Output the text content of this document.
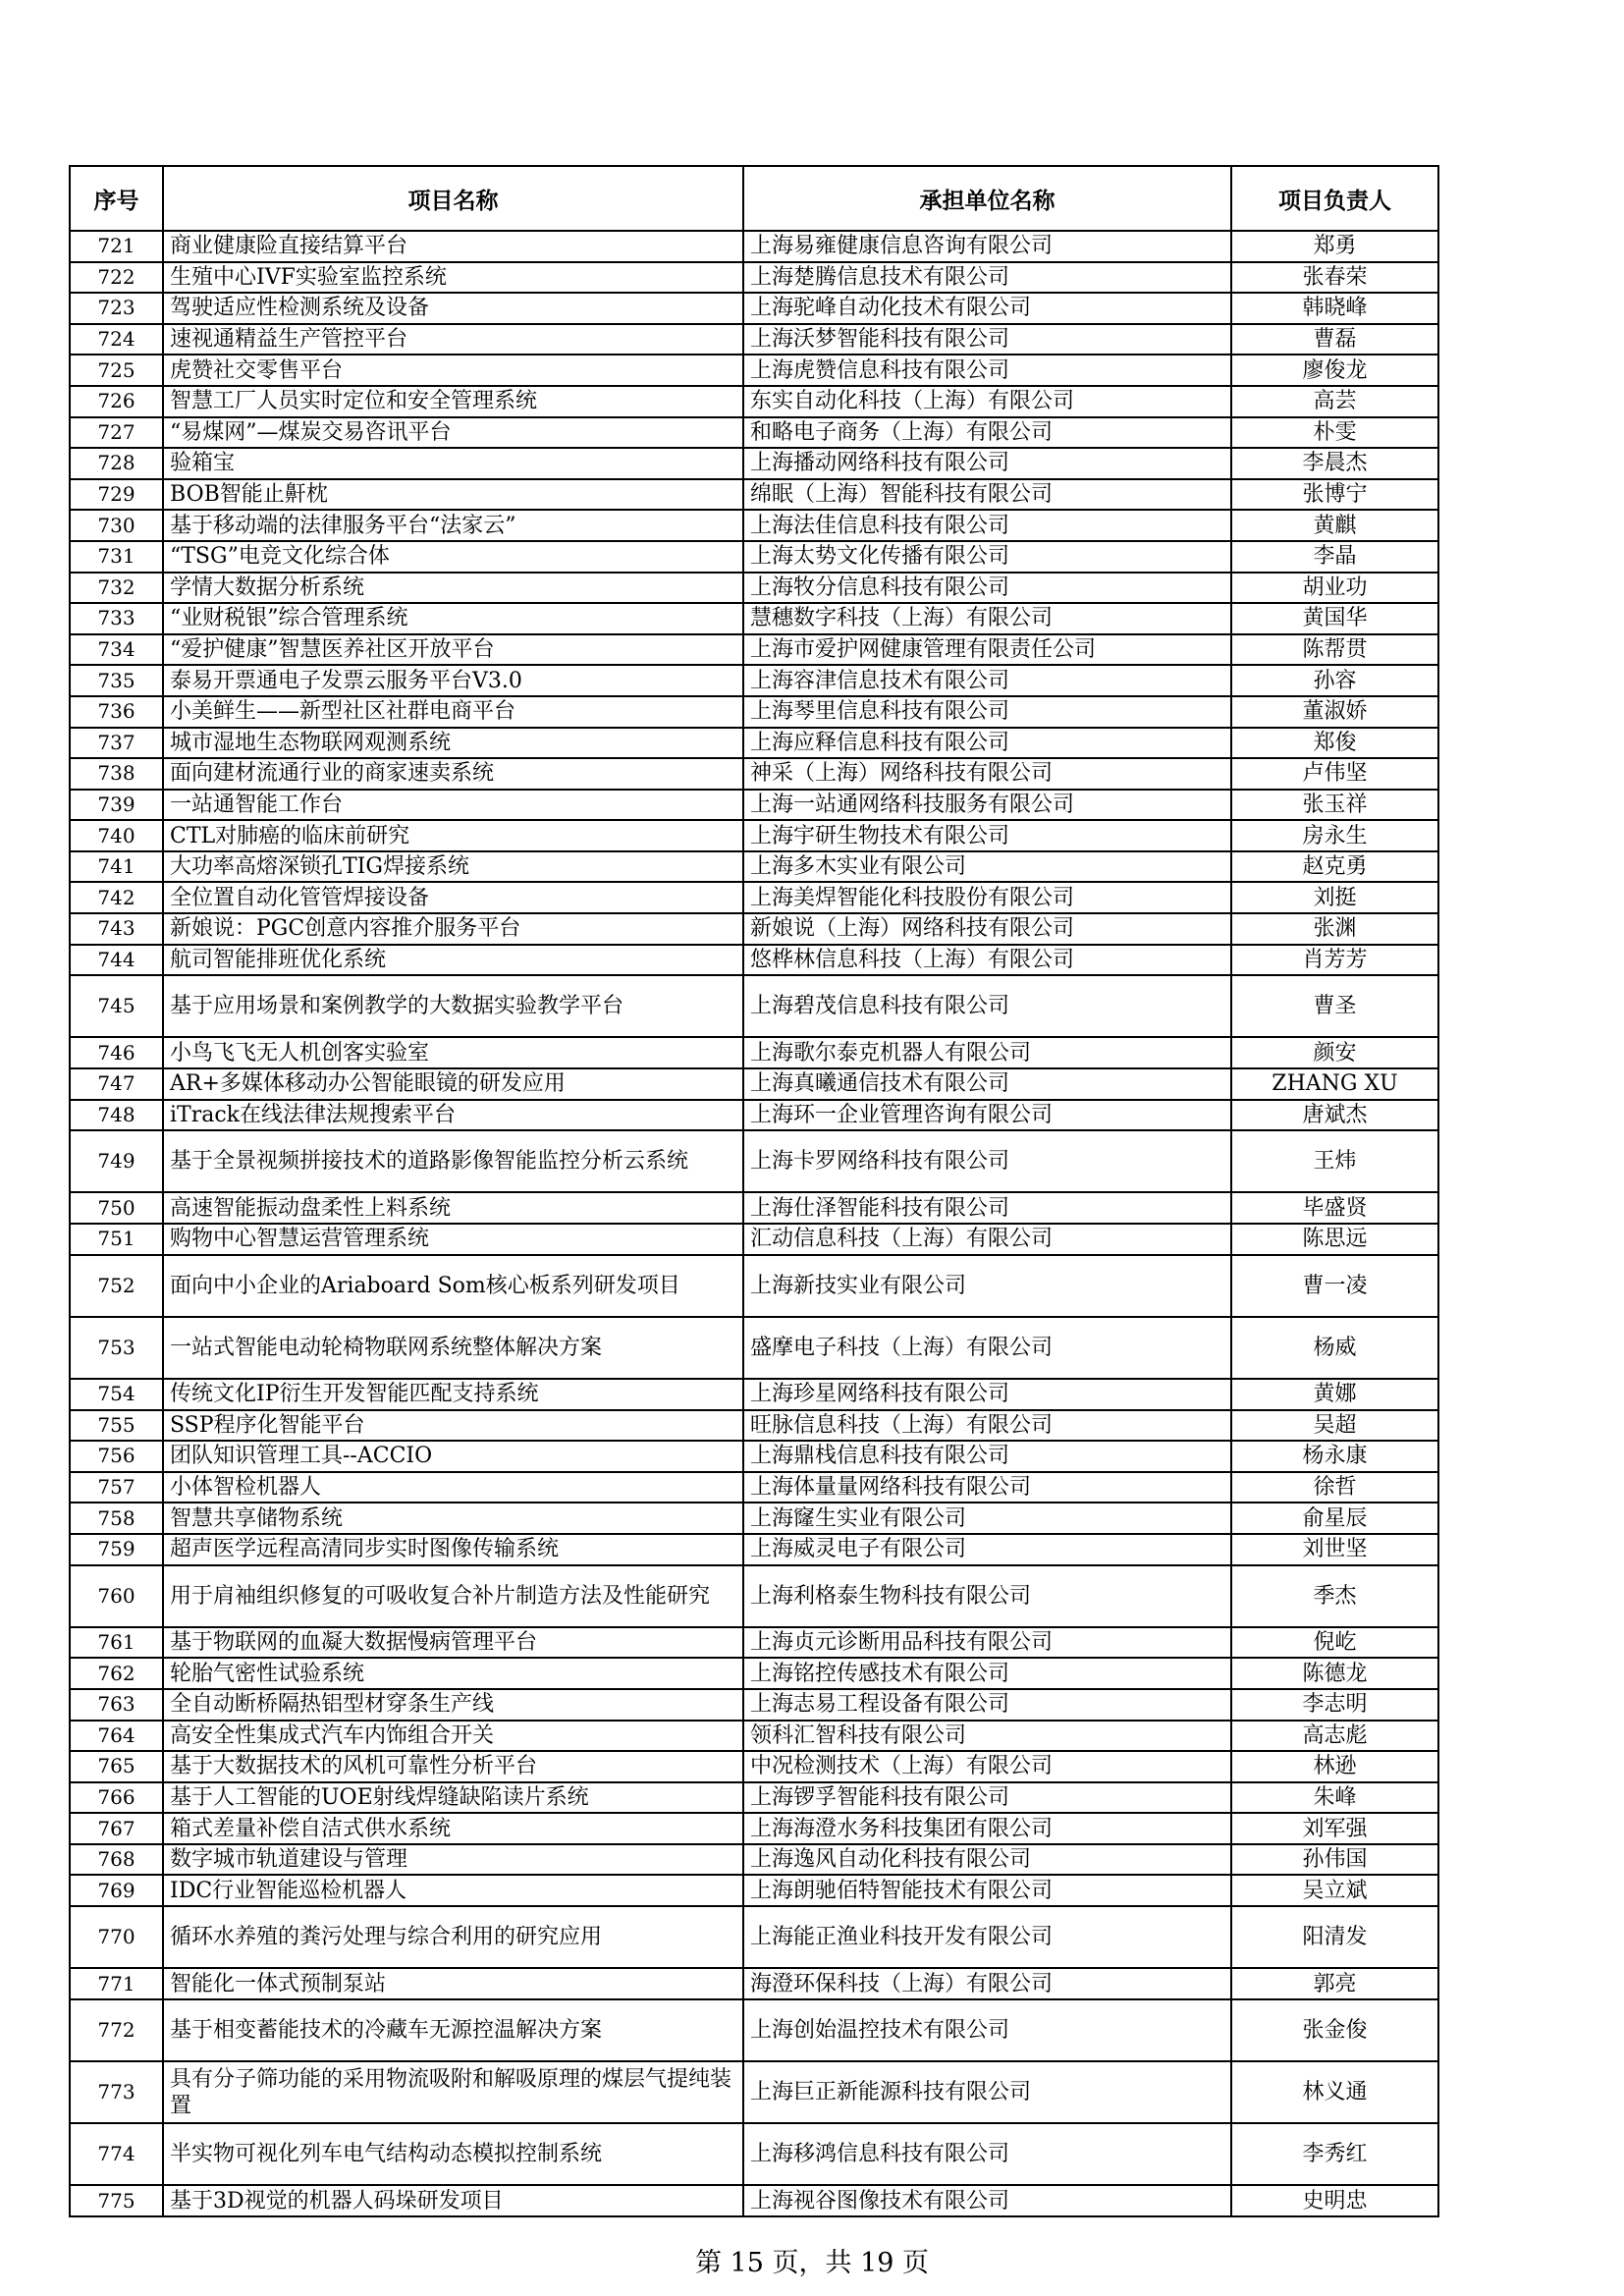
序号	项目名称	承担单位名称	项目负责人
721	商业健康险直接结算平台	上海易雍健康信息咨询有限公司	郑勇
722	生殖中心IVF实验室监控系统	上海楚腾信息技术有限公司	张春荣
723	驾驶适应性检测系统及设备	上海驼峰自动化技术有限公司	韩晓峰
724	速视通精益生产管控平台	上海沃梦智能科技有限公司	曹磊
725	虎赞社交零售平台	上海虎赞信息科技有限公司	廖俊龙
726	智慧工厂人员实时定位和安全管理系统	东实自动化科技（上海）有限公司	高芸
727	“易煤网”—煤炭交易咨讯平台	和略电子商务（上海）有限公司	朴雯
728	验箱宝	上海播动网络科技有限公司	李晨杰
729	BOB智能止鼾枕	绵眠（上海）智能科技有限公司	张博宁
730	基于移动端的法律服务平台“法家云”	上海法佳信息科技有限公司	黄麒
731	“TSG”电竞文化综合体	上海太势文化传播有限公司	李晶
732	学情大数据分析系统	上海牧分信息科技有限公司	胡业功
733	“业财税银”综合管理系统	慧穗数字科技（上海）有限公司	黄国华
734	“爱护健康”智慧医养社区开放平台	上海市爱护网健康管理有限责任公司	陈帮贯
735	泰易开票通电子发票云服务平台V3.0	上海容津信息技术有限公司	孙容
736	小美鲜生——新型社区社群电商平台	上海琴里信息科技有限公司	董淑娇
737	城市湿地生态物联网观测系统	上海应释信息科技有限公司	郑俊
738	面向建材流通行业的商家速卖系统	神采（上海）网络科技有限公司	卢伟坚
739	一站通智能工作台	上海一站通网络科技服务有限公司	张玉祥
740	CTL对肺癌的临床前研究	上海宇研生物技术有限公司	房永生
741	大功率高熔深锁孔TIG焊接系统	上海多木实业有限公司	赵克勇
742	全位置自动化管管焊接设备	上海美焊智能化科技股份有限公司	刘挺
743	新娘说：PGC创意内容推介服务平台	新娘说（上海）网络科技有限公司	张渊
744	航司智能排班优化系统	悠桦林信息科技（上海）有限公司	肖芳芳
745	基于应用场景和案例教学的大数据实验教学平台	上海碧茂信息科技有限公司	曹圣
746	小鸟飞飞无人机创客实验室	上海歌尔泰克机器人有限公司	颜安
747	AR+多媒体移动办公智能眼镜的研发应用	上海真曦通信技术有限公司	ZHANG XU
748	iTrack在线法律法规搜索平台	上海环一企业管理咨询有限公司	唐斌杰
749	基于全景视频拼接技术的道路影像智能监控分析云系统	上海卡罗网络科技有限公司	王炜
750	高速智能振动盘柔性上料系统	上海仕泽智能科技有限公司	毕盛贤
751	购物中心智慧运营管理系统	汇动信息科技（上海）有限公司	陈思远
752	面向中小企业的Ariaboard Som核心板系列研发项目	上海新技实业有限公司	曹一凌
753	一站式智能电动轮椅物联网系统整体解决方案	盛摩电子科技（上海）有限公司	杨威
754	传统文化IP衍生开发智能匹配支持系统	上海珍星网络科技有限公司	黄娜
755	SSP程序化智能平台	旺脉信息科技（上海）有限公司	吴超
756	团队知识管理工具--ACCIO	上海鼎栈信息科技有限公司	杨永康
757	小体智检机器人	上海体量量网络科技有限公司	徐哲
758	智慧共享储物系统	上海窿生实业有限公司	俞星辰
759	超声医学远程高清同步实时图像传输系统	上海威灵电子有限公司	刘世坚
760	用于肩袖组织修复的可吸收复合补片制造方法及性能研究	上海利格泰生物科技有限公司	季杰
761	基于物联网的血凝大数据慢病管理平台	上海贞元诊断用品科技有限公司	倪屹
762	轮胎气密性试验系统	上海铭控传感技术有限公司	陈德龙
763	全自动断桥隔热铝型材穿条生产线	上海志易工程设备有限公司	李志明
764	高安全性集成式汽车内饰组合开关	领科汇智科技有限公司	高志彪
765	基于大数据技术的风机可靠性分析平台	中况检测技术（上海）有限公司	林逊
766	基于人工智能的UOE射线焊缝缺陷读片系统	上海锣孚智能科技有限公司	朱峰
767	箱式差量补偿自洁式供水系统	上海海澄水务科技集团有限公司	刘军强
768	数字城市轨道建设与管理	上海逸风自动化科技有限公司	孙伟国
769	IDC行业智能巡检机器人	上海朗驰佰特智能技术有限公司	吴立斌
770	循环水养殖的粪污处理与综合利用的研究应用	上海能正渔业科技开发有限公司	阳清发
771	智能化一体式预制泵站	海澄环保科技（上海）有限公司	郭亮
772	基于相变蓄能技术的冷藏车无源控温解决方案	上海创始温控技术有限公司	张金俊
773	具有分子筛功能的采用物流吸附和解吸原理的煤层气提纯装置	上海巨正新能源科技有限公司	林义通
774	半实物可视化列车电气结构动态模拟控制系统	上海移鸿信息科技有限公司	李秀红
775	基于3D视觉的机器人码垛研发项目	上海视谷图像技术有限公司	史明忠
第 15 页，共 19 页
